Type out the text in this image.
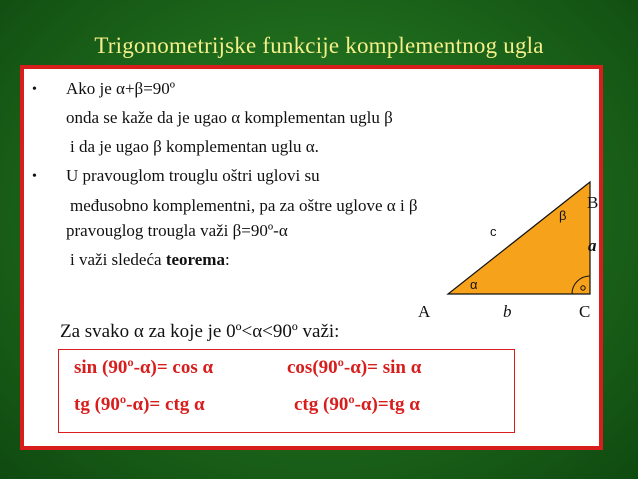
Trigonometrijske funkcije komplementnog ugla
• Ako je α+β=90º
onda se kaže da je ugao α komplementan uglu β
i da je ugao β komplementan uglu α.
• U pravouglom trouglu oštri uglovi su
međusobno komplementni, pa za oštre uglove α i β
pravouglog trougla važi β=90º-α
i važi sledeća teorema:
B
A	C
a
b
c
α
β
Za svako α za koje je 0º<α<90º važi:
sin (90º-α)= cos α	cos(90º-α)= sin α
tg (90º-α)= ctg α	ctg (90º-α)=tg α
